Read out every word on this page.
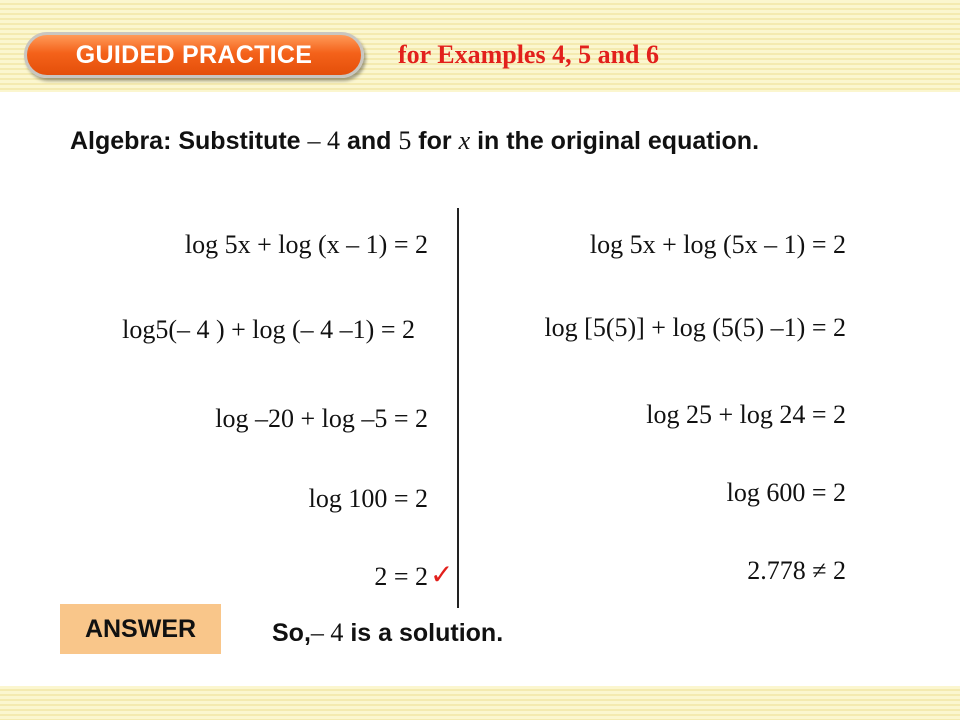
GUIDED PRACTICE	for Examples 4, 5 and 6
Algebra: Substitute – 4 and 5 for x in the original equation.
log 5x + log (x – 1) = 2
log5(– 4 ) + log (– 4 –1) = 2
log –20 + log –5 = 2
log 100 = 2
2 = 2 ✓
log 5x + log (5x – 1) = 2
log [5(5)] + log (5(5) –1) = 2
log 25 + log 24 = 2
log 600 = 2
2.778 ≠ 2
ANSWER	So,– 4 is a solution.
